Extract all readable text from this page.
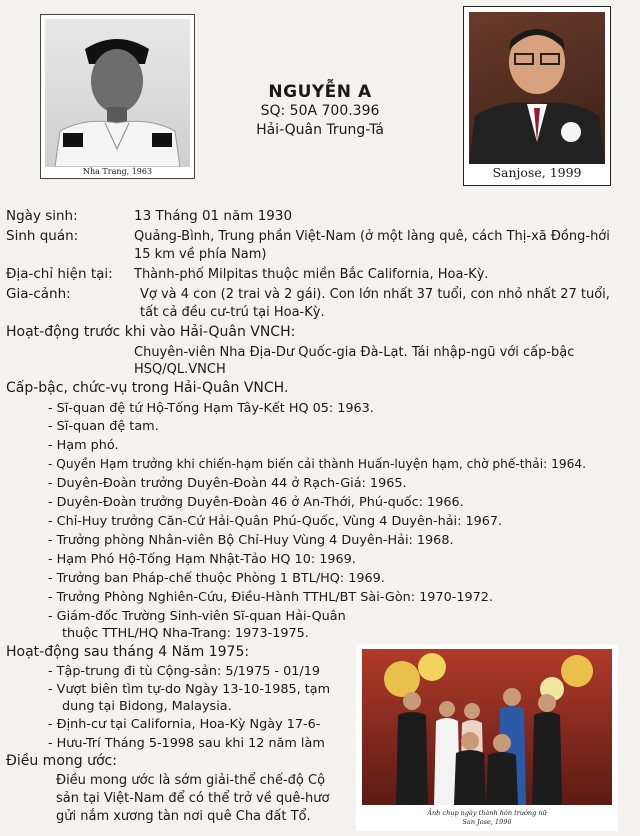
Nha Trang, 1963
NGUYỄN A
SQ: 50A 700.396
Hải-Quân Trung-Tá
Sanjose, 1999
Ngày sinh:	13 Tháng 01 năm 1930
Sinh quán:	Quảng-Bình, Trung phần Việt-Nam (ở một làng quê, cách Thị-xã Đồng-hới
15 km về phía Nam)
Địa-chỉ hiện tại: Thành-phố Milpitas thuộc miền Bắc California, Hoa-Kỳ.
Gia-cảnh:	Vợ và 4 con (2 trai và 2 gái). Con lớn nhất 37 tuổi, con nhỏ nhất 27 tuổi,
tất cả đều cư-trú tại Hoa-Kỳ.
Hoạt-động trước khi vào Hải-Quân VNCH:
Chuyên-viên Nha Địa-Dư Quốc-gia Đà-Lạt. Tái nhập-ngũ với cấp-bậc
HSQ/QL.VNCH
Cấp-bậc, chức-vụ trong Hải-Quân VNCH.
- Sĩ-quan đệ tứ Hộ-Tống Hạm Tây-Kết HQ 05: 1963.
- Sĩ-quan đệ tam.
- Hạm phó.
- Quyền Hạm trưởng khi chiến-hạm biến cải thành Huấn-luyện hạm, chờ phế-thải: 1964.
- Duyên-Đoàn trưởng Duyên-Đoàn 44 ở Rạch-Giá: 1965.
- Duyên-Đoàn trưởng Duyên-Đoàn 46 ở An-Thới, Phú-quốc: 1966.
- Chỉ-Huy trưởng Căn-Cứ Hải-Quân Phú-Quốc, Vùng 4 Duyên-hải: 1967.
- Trưởng phòng Nhân-viên Bộ Chỉ-Huy Vùng 4 Duyên-Hải: 1968.
- Hạm Phó Hộ-Tống Hạm Nhật-Tảo HQ 10: 1969.
- Trưởng ban Pháp-chế thuộc Phòng 1 BTL/HQ: 1969.
- Trưởng Phòng Nghiên-Cứu, Điều-Hành TTHL/BT Sài-Gòn: 1970-1972.
- Giám-đốc Trường Sinh-viên Sĩ-quan Hải-Quân
thuộc TTHL/HQ Nha-Trang: 1973-1975.
Hoạt-động sau tháng 4 Năm 1975:
- Tập-trung đi tù Cộng-sản: 5/1975 - 01/19
- Vượt biên tìm tự-do Ngày 13-10-1985, tạm
dung tại Bidong, Malaysia.
- Định-cư tại California, Hoa-Kỳ Ngày 17-6-
- Hưu-Trí Tháng 5-1998 sau khi 12 năm làm
Điều mong ước:
Điều mong ước là sớm giải-thể chế-độ Cộ
sản tại Việt-Nam để có thể trở về quê-hươ
gửi nắm xương tàn nơi quê Cha đất Tổ.	Ảnh chụp ngày thành hôn trưởng nữ
San Jose, 1996
